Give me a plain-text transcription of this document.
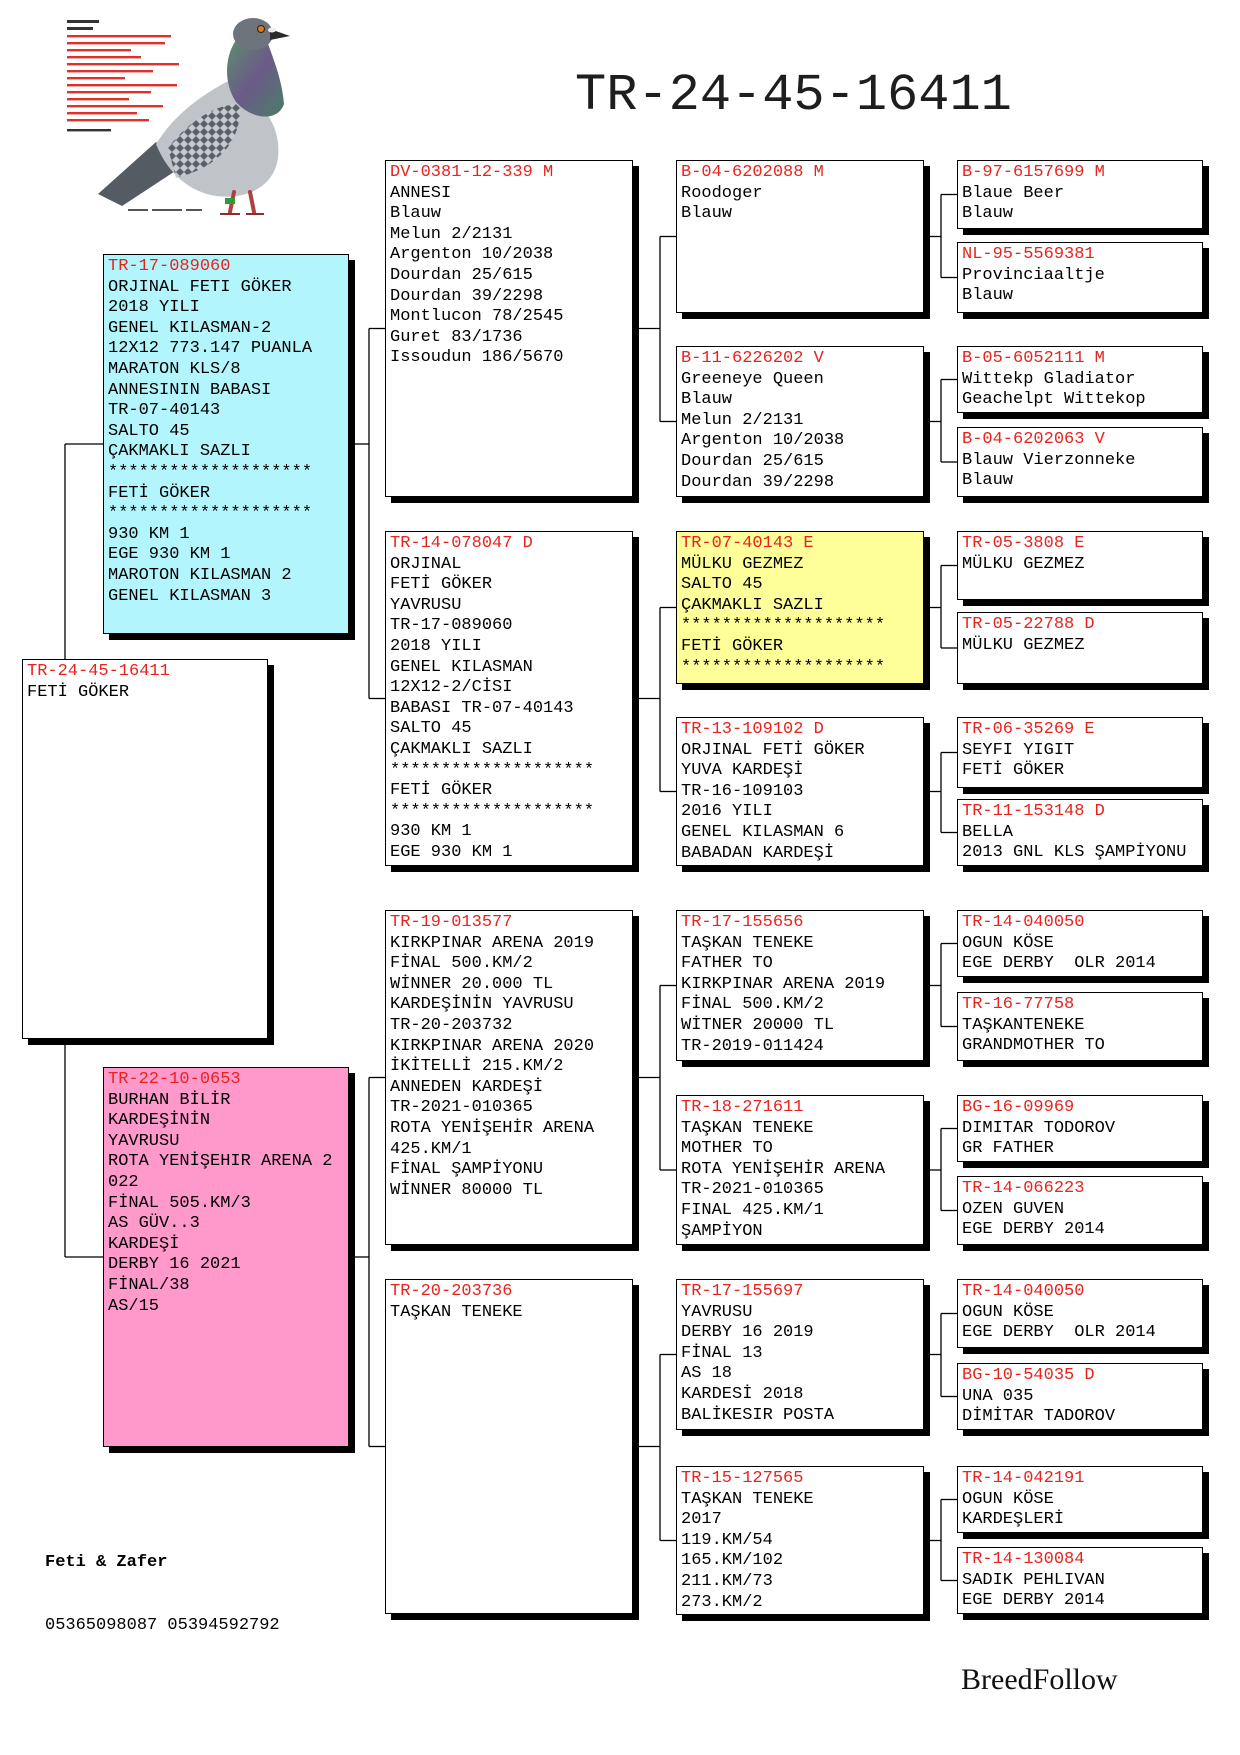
TR-24-45-16411

Feti & Zafer

05365098087 05394592792

BreedFollow
TR-24-45-16411
FETİ GÖKER
TR-17-089060
ORJINAL FETI GÖKER
2018 YILI
GENEL KILASMAN-2
12X12 773.147 PUANLA
MARATON KLS/8
ANNESININ BABASI
TR-07-40143
SALTO 45
ÇAKMAKLI SAZLI
********************
FETİ GÖKER
********************
930 KM 1
EGE 930 KM 1
MAROTON KILASMAN 2
GENEL KILASMAN 3
DV-0381-12-339 M
ANNESI
Blauw
Melun 2/2131
Argenton 10/2038
Dourdan 25/615
Dourdan 39/2298
Montlucon 78/2545
Guret 83/1736
Issoudun 186/5670
B-04-6202088 M
Roodoger
Blauw
B-97-6157699 M
Blaue Beer
Blauw
NL-95-5569381
Provinciaaltje
Blauw
B-11-6226202 V
Greeneye Queen
Blauw
Melun 2/2131
Argenton 10/2038
Dourdan 25/615
Dourdan 39/2298
B-05-6052111 M
Wittekp Gladiator
Geachelpt Wittekop
B-04-6202063 V
Blauw Vierzonneke
Blauw
TR-14-078047 D
ORJINAL
FETİ GÖKER
YAVRUSU
TR-17-089060
2018 YILI
GENEL KILASMAN
12X12-2/CİSI
BABASI TR-07-40143
SALTO 45
ÇAKMAKLI SAZLI
********************
FETİ GÖKER
********************
930 KM 1
EGE 930 KM 1
TR-07-40143 E
MÜLKU GEZMEZ
SALTO 45
ÇAKMAKLI SAZLI
********************
FETİ GÖKER
********************
TR-05-3808 E
MÜLKU GEZMEZ
TR-05-22788 D
MÜLKU GEZMEZ
TR-13-109102 D
ORJINAL FETİ GÖKER
YUVA KARDEŞİ
TR-16-109103
2016 YILI
GENEL KILASMAN 6
BABADAN KARDEŞİ
TR-06-35269 E
SEYFI YIGIT
FETİ GÖKER
TR-11-153148 D
BELLA
2013 GNL KLS ŞAMPİYONU
TR-22-10-0653
BURHAN BİLİR
KARDEŞİNİN
YAVRUSU
ROTA YENİŞEHIR ARENA 2
022
FİNAL 505.KM/3
AS GÜV..3
KARDEŞİ
DERBY 16 2021
FİNAL/38
AS/15
TR-19-013577
KIRKPINAR ARENA 2019
FİNAL 500.KM/2
WİNNER 20.000 TL
KARDEŞİNİN YAVRUSU
TR-20-203732
KIRKPINAR ARENA 2020
İKİTELLİ 215.KM/2
ANNEDEN KARDEŞİ
TR-2021-010365
ROTA YENİŞEHİR ARENA
425.KM/1
FİNAL ŞAMPİYONU
WİNNER 80000 TL
TR-17-155656
TAŞKAN TENEKE
FATHER TO
KIRKPINAR ARENA 2019
FİNAL 500.KM/2
WİTNER 20000 TL
TR-2019-011424
TR-14-040050
OGUN KÖSE
EGE DERBY  OLR 2014
TR-16-77758
TAŞKANTENEKE
GRANDMOTHER TO
TR-18-271611
TAŞKAN TENEKE
MOTHER TO
ROTA YENİŞEHİR ARENA
TR-2021-010365
FINAL 425.KM/1
ŞAMPİYON
BG-16-09969
DIMITAR TODOROV
GR FATHER
TR-14-066223
OZEN GUVEN
EGE DERBY 2014
TR-20-203736
TAŞKAN TENEKE
TR-17-155697
YAVRUSU
DERBY 16 2019
FİNAL 13
AS 18
KARDESİ 2018
BALİKESIR POSTA
TR-14-040050
OGUN KÖSE
EGE DERBY  OLR 2014
BG-10-54035 D
UNA 035
DİMİTAR TADOROV
TR-15-127565
TAŞKAN TENEKE
2017
119.KM/54
165.KM/102
211.KM/73
273.KM/2
TR-14-042191
OGUN KÖSE
KARDEŞLERİ
TR-14-130084
SADIK PEHLIVAN
EGE DERBY 2014
